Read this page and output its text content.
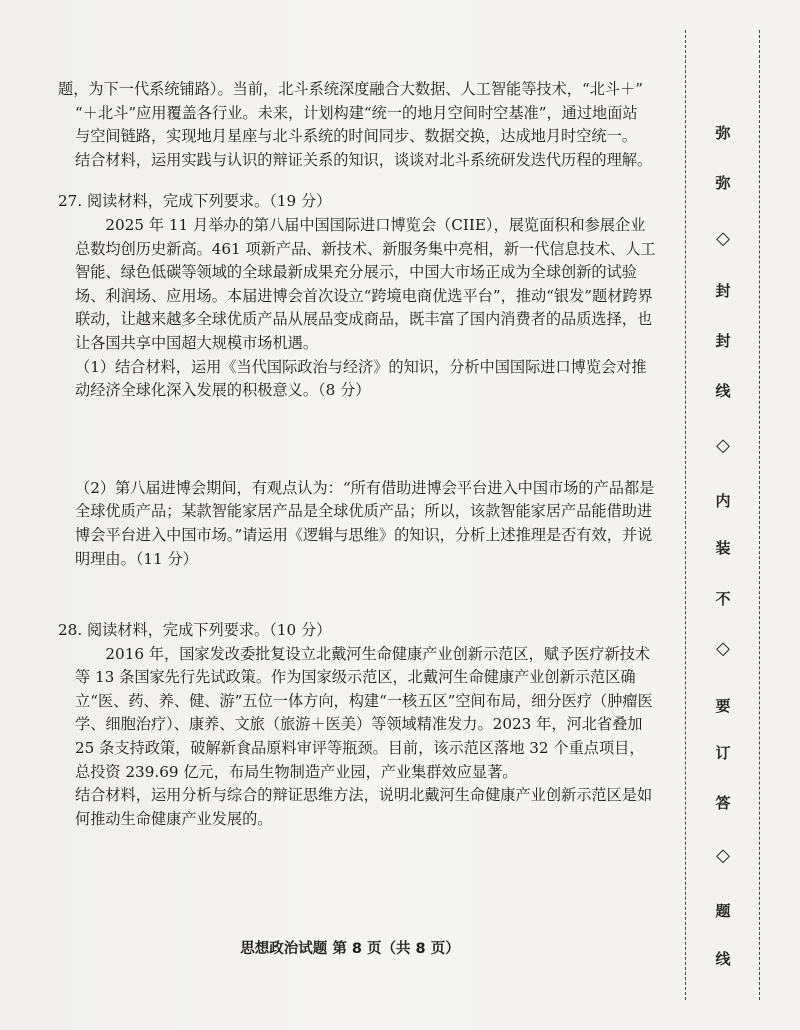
题，为下一代系统铺路）。当前，北斗系统深度融合大数据、人工智能等技术，“北斗＋”

“＋北斗”应用覆盖各行业。未来，计划构建“统一的地月空间时空基准”，通过地面站

与空间链路，实现地月星座与北斗系统的时间同步、数据交换，达成地月时空统一。

结合材料，运用实践与认识的辩证关系的知识，谈谈对北斗系统研发迭代历程的理解。

27. 阅读材料，完成下列要求。（19 分）

2025 年 11 月举办的第八届中国国际进口博览会（CIIE），展览面积和参展企业总数均创历史新高。461 项新产品、新技术、新服务集中亮相，新一代信息技术、人工智能、绿色低碳等领域的全球最新成果充分展示，中国大市场正成为全球创新的试验场、利润场、应用场。本届进博会首次设立“跨境电商优选平台”，推动“银发”题材跨界联动，让越来越多全球优质产品从展品变成商品，既丰富了国内消费者的品质选择，也让各国共享中国超大规模市场机遇。

（1）结合材料，运用《当代国际政治与经济》的知识，分析中国国际进口博览会对推动经济全球化深入发展的积极意义。（8 分）

（2）第八届进博会期间，有观点认为：“所有借助进博会平台进入中国市场的产品都是全球优质产品；某款智能家居产品是全球优质产品；所以，该款智能家居产品能借助进博会平台进入中国市场。”请运用《逻辑与思维》的知识，分析上述推理是否有效，并说明理由。（11 分）

28. 阅读材料，完成下列要求。（10 分）

2016 年，国家发改委批复设立北戴河生命健康产业创新示范区，赋予医疗新技术等 13 条国家先行先试政策。作为国家级示范区，北戴河生命健康产业创新示范区确立“医、药、养、健、游”五位一体方向，构建“一核五区”空间布局，细分医疗（肿瘤医学、细胞治疗）、康养、文旅（旅游＋医美）等领域精准发力。2023 年，河北省叠加 25 条支持政策，破解新食品原料审评等瓶颈。目前，该示范区落地 32 个重点项目，总投资 239.69 亿元，布局生物制造产业园，产业集群效应显著。

结合材料，运用分析与综合的辩证思维方法，说明北戴河生命健康产业创新示范区是如何推动生命健康产业发展的。

思想政治试题 第 8 页（共 8 页）
弥
弥
◇
封
封
线
◇
内
装
不
◇
要
订
答
◇
题
线
